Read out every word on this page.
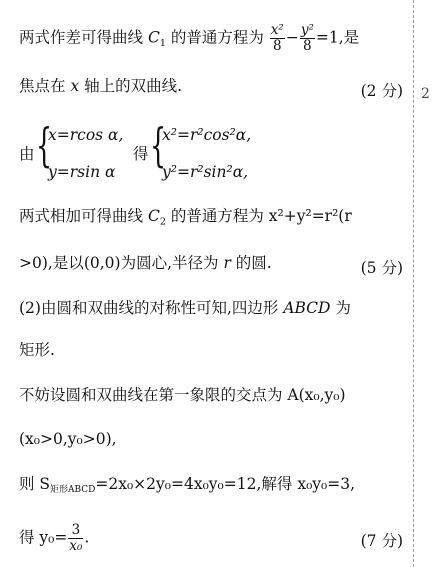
2
两式作差可得曲线 $C_1$ 的普通方程为 $\frac{\text{x²}}{8} - \frac{\text{y²}}{8} =1$,是
焦点在 x 轴上的双曲线.	(2 分)
由 {
x=rcos α,
y=rsin α
得 {
x²=r²cos²α,
y²=r²sin²α,
两式相加可得曲线 $C_2$ 的普通方程为 x²+y²=r²(r
>0),是以(0,0)为圆心,半径为 r 的圆.	(5 分)
(2)由圆和双曲线的对称性可知,四边形 ABCD 为
矩形.
不妨设圆和双曲线在第一象限的交点为 A(x₀,y₀)
(x₀>0,y₀>0),
则 $S_{矩形ABCD}=2x_0\times 2y_0=4x_0y_0=12$,解得 x₀y₀=3,
得 $y_0= \frac{3}{\text{x₀}}$ .	(7 分)
